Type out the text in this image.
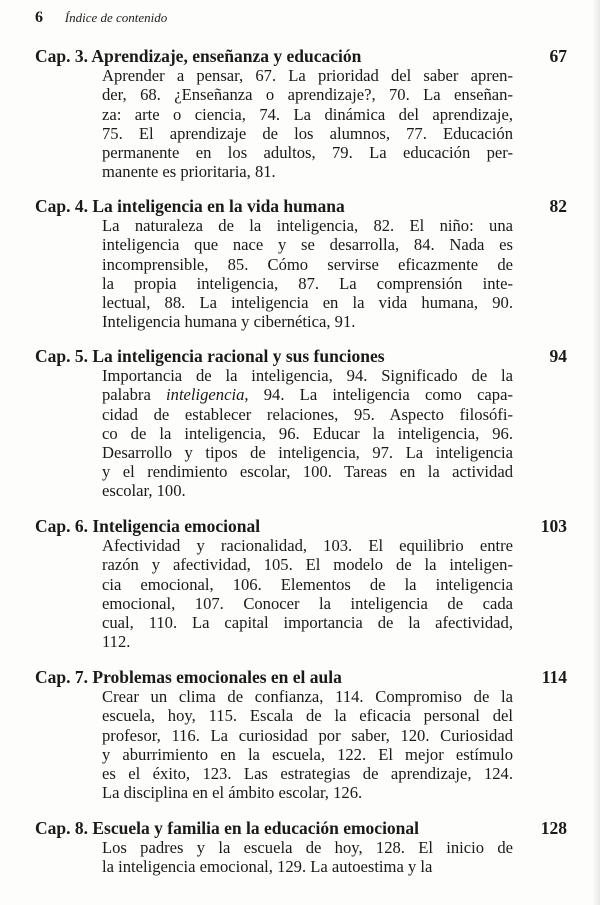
6 Índice de contenido
Cap. 3. Aprendizaje, enseñanza y educación	67
Aprender a pensar, 67. La prioridad del saber apren-
der, 68. ¿Enseñanza o aprendizaje?, 70. La enseñan-
za: arte o ciencia, 74. La dinámica del aprendizaje,
75. El aprendizaje de los alumnos, 77. Educación
permanente en los adultos, 79. La educación per-
manente es prioritaria, 81.
Cap. 4. La inteligencia en la vida humana	82
La naturaleza de la inteligencia, 82. El niño: una
inteligencia que nace y se desarrolla, 84. Nada es
incomprensible, 85. Cómo servirse eficazmente de
la propia inteligencia, 87. La comprensión inte-
lectual, 88. La inteligencia en la vida humana, 90.
Inteligencia humana y cibernética, 91.
Cap. 5. La inteligencia racional y sus funciones	94
Importancia de la inteligencia, 94. Significado de la
palabra inteligencia, 94. La inteligencia como capa-
cidad de establecer relaciones, 95. Aspecto filosófi-
co de la inteligencia, 96. Educar la inteligencia, 96.
Desarrollo y tipos de inteligencia, 97. La inteligencia
y el rendimiento escolar, 100. Tareas en la actividad
escolar, 100.
Cap. 6. Inteligencia emocional	103
Afectividad y racionalidad, 103. El equilibrio entre
razón y afectividad, 105. El modelo de la inteligen-
cia emocional, 106. Elementos de la inteligencia
emocional, 107. Conocer la inteligencia de cada
cual, 110. La capital importancia de la afectividad,
112.
Cap. 7. Problemas emocionales en el aula	114
Crear un clima de confianza, 114. Compromiso de la
escuela, hoy, 115. Escala de la eficacia personal del
profesor, 116. La curiosidad por saber, 120. Curiosidad
y aburrimiento en la escuela, 122. El mejor estímulo
es el éxito, 123. Las estrategias de aprendizaje, 124.
La disciplina en el ámbito escolar, 126.
Cap. 8. Escuela y familia en la educación emocional	128
Los padres y la escuela de hoy, 128. El inicio de
la inteligencia emocional, 129. La autoestima y la
